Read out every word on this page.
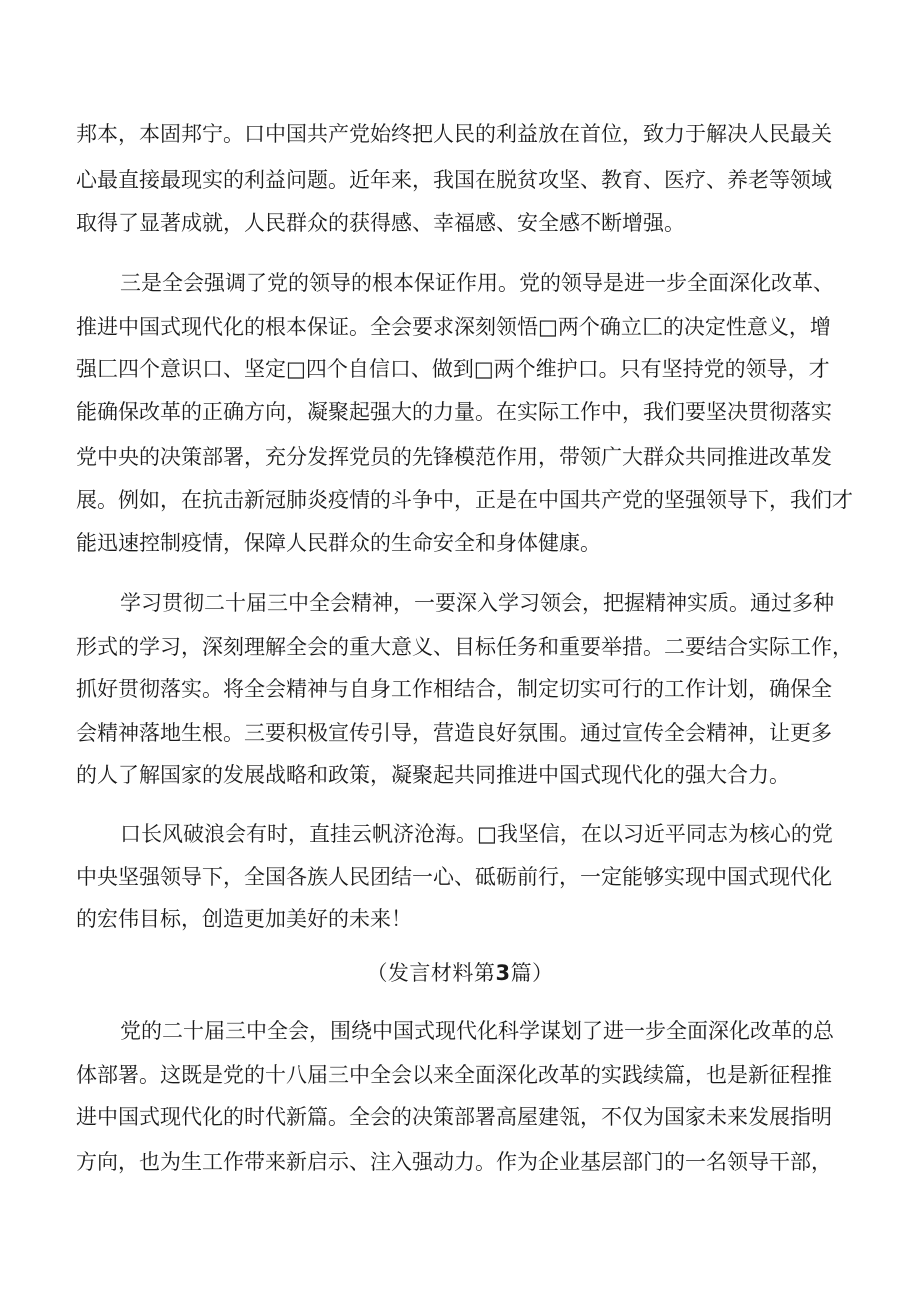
邦本，本固邦宁。口中国共产党始终把人民的利益放在首位，致力于解决人民最关
心最直接最现实的利益问题。近年来，我国在脱贫攻坚、教育、医疗、养老等领域
取得了显著成就，人民群众的获得感、幸福感、安全感不断增强。
三是全会强调了党的领导的根本保证作用。党的领导是进一步全面深化改革、
推进中国式现代化的根本保证。全会要求深刻领悟□两个确立匚的决定性意义，增
强匚四个意识口、坚定□四个自信口、做到□两个维护口。只有坚持党的领导，才
能确保改革的正确方向，凝聚起强大的力量。在实际工作中，我们要坚决贯彻落实
党中央的决策部署，充分发挥党员的先锋模范作用，带领广大群众共同推进改革发
展。例如，在抗击新冠肺炎疫情的斗争中，正是在中国共产党的坚强领导下，我们才
能迅速控制疫情，保障人民群众的生命安全和身体健康。
学习贯彻二十届三中全会精神，一要深入学习领会，把握精神实质。通过多种
形式的学习，深刻理解全会的重大意义、目标任务和重要举措。二要结合实际工作，
抓好贯彻落实。将全会精神与自身工作相结合，制定切实可行的工作计划，确保全
会精神落地生根。三要积极宣传引导，营造良好氛围。通过宣传全会精神，让更多
的人了解国家的发展战略和政策，凝聚起共同推进中国式现代化的强大合力。
口长风破浪会有时，直挂云帆济沧海。□我坚信，在以习近平同志为核心的党
中央坚强领导下，全国各族人民团结一心、砥砺前行，一定能够实现中国式现代化
的宏伟目标，创造更加美好的未来！
（发言材料第3篇）
党的二十届三中全会，围绕中国式现代化科学谋划了进一步全面深化改革的总
体部署。这既是党的十八届三中全会以来全面深化改革的实践续篇，也是新征程推
进中国式现代化的时代新篇。全会的决策部署高屋建瓴，不仅为国家未来发展指明
方向，也为生工作带来新启示、注入强动力。作为企业基层部门的一名领导干部，
